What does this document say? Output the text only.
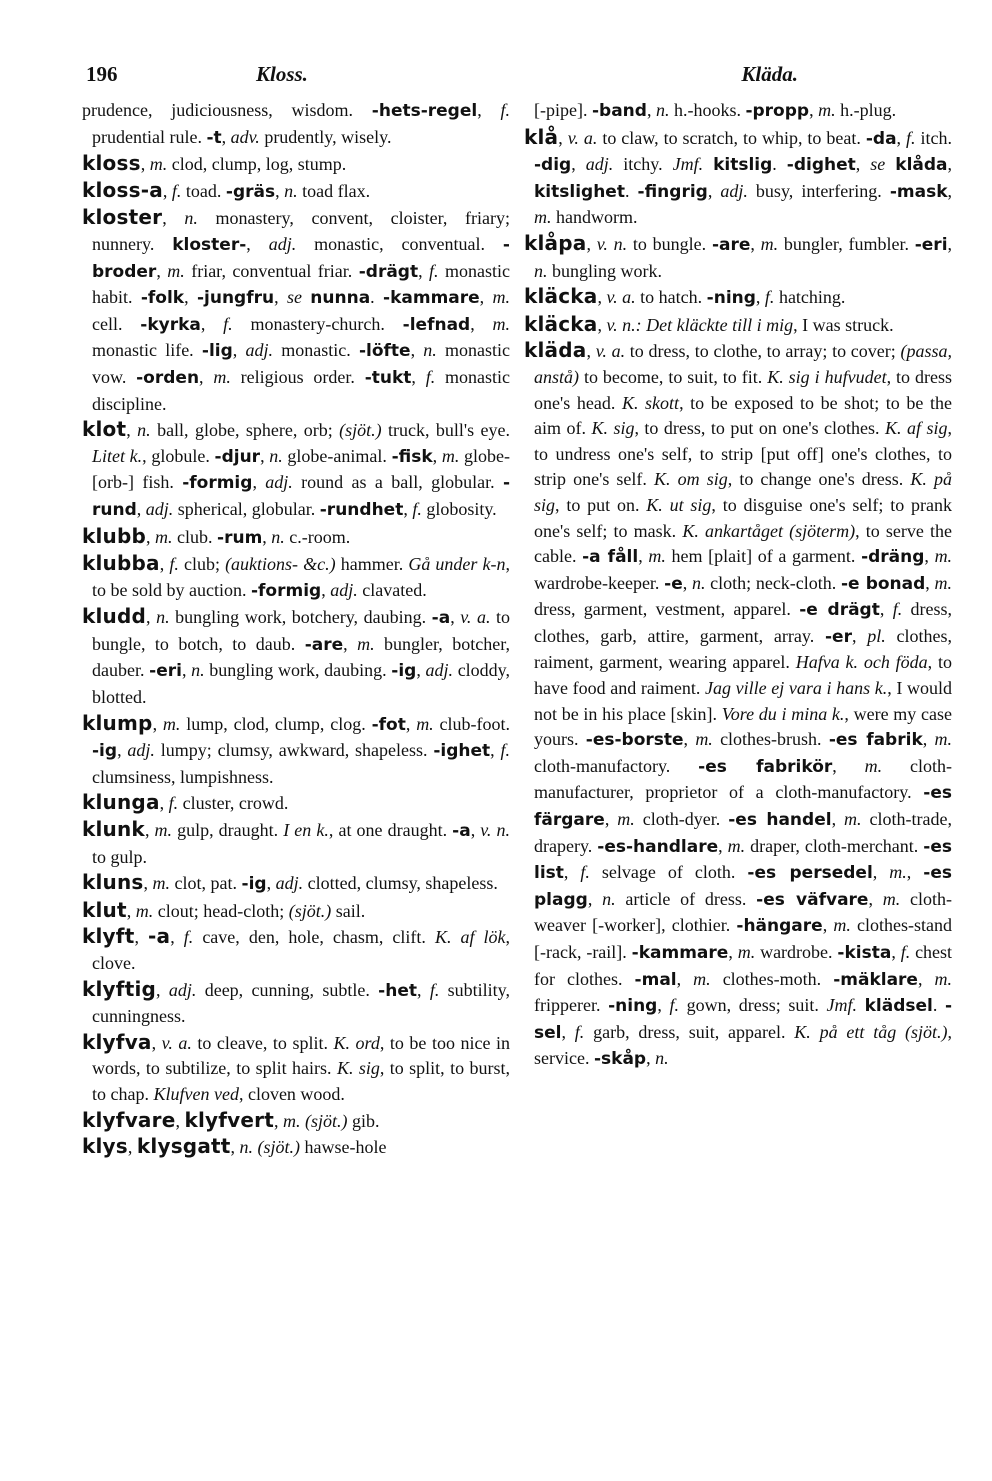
196	Kloss.	Kläda.

prudence, judiciousness, wisdom. -hets-regel, f. prudential rule. -t, adv. prudently, wisely.

kloss, m. clod, clump, log, stump.

kloss-a, f. toad. -gräs, n. toad flax.

kloster, n. monastery, convent, cloister, friary; nunnery. kloster-, adj. monastic, conventual. -broder, m. friar, conventual friar. -drägt, f. monastic habit. -folk, -jungfru, se nunna. -kammare, m. cell. -kyrka, f. monastery-church. -lefnad, m. monastic life. -lig, adj. monastic. -löfte, n. monastic vow. -orden, m. religious order. -tukt, f. monastic discipline.

klot, n. ball, globe, sphere, orb; (sjöt.) truck, bull's eye. Litet k., globule. -djur, n. globe-animal. -fisk, m. globe- [orb-] fish. -formig, adj. round as a ball, globular. -rund, adj. spherical, globular. -rundhet, f. globosity.

klubb, m. club. -rum, n. c.-room.

klubba, f. club; (auktions- &c.) hammer. Gå under k-n, to be sold by auction. -formig, adj. clavated.

kludd, n. bungling work, botchery, daubing. -a, v. a. to bungle, to botch, to daub. -are, m. bungler, botcher, dauber. -eri, n. bungling work, daubing. -ig, adj. cloddy, blotted.

klump, m. lump, clod, clump, clog. -fot, m. club-foot. -ig, adj. lumpy; clumsy, awkward, shapeless. -ighet, f. clumsiness, lumpishness.

klunga, f. cluster, crowd.

klunk, m. gulp, draught. I en k., at one draught. -a, v. n. to gulp.

kluns, m. clot, pat. -ig, adj. clotted, clumsy, shapeless.

klut, m. clout; head-cloth; (sjöt.) sail.

klyft, -a, f. cave, den, hole, chasm, clift. K. af lök, clove.

klyftig, adj. deep, cunning, subtle. -het, f. subtility, cunningness.

klyfva, v. a. to cleave, to split. K. ord, to be too nice in words, to subtilize, to split hairs. K. sig, to split, to burst, to chap. Klufven ved, cloven wood.

klyfvare, klyfvert, m. (sjöt.) gib.

klys, klysgatt, n. (sjöt.) hawse-hole

[-pipe]. -band, n. h.-hooks. -propp, m. h.-plug.

klå, v. a. to claw, to scratch, to whip, to beat. -da, f. itch. -dig, adj. itchy. Jmf. kitslig. -dighet, se klåda, kitslighet. -fingrig, adj. busy, interfering. -mask, m. handworm.

klåpa, v. n. to bungle. -are, m. bungler, fumbler. -eri, n. bungling work.

kläcka, v. a. to hatch. -ning, f. hatching.

kläcka, v. n.: Det kläckte till i mig, I was struck.

kläda, v. a. to dress, to clothe, to array; to cover; (passa, anstå) to become, to suit, to fit. K. sig i hufvudet, to dress one's head. K. skott, to be exposed to be shot; to be the aim of. K. sig, to dress, to put on one's clothes. K. af sig, to undress one's self, to strip [put off] one's clothes, to strip one's self. K. om sig, to change one's dress. K. på sig, to put on. K. ut sig, to disguise one's self; to prank one's self; to mask. K. ankartåget (sjöterm), to serve the cable. -a fåll, m. hem [plait] of a garment. -dräng, m. wardrobe-keeper. -e, n. cloth; neck-cloth. -e bonad, m. dress, garment, vestment, apparel. -e drägt, f. dress, clothes, garb, attire, garment, array. -er, pl. clothes, raiment, garment, wearing apparel. Hafva k. och föda, to have food and raiment. Jag ville ej vara i hans k., I would not be in his place [skin]. Vore du i mina k., were my case yours. -es-borste, m. clothes-brush. -es fabrik, m. cloth-manufactory. -es fabrikör, m. cloth-manufacturer, proprietor of a cloth-manufactory. -es färgare, m. cloth-dyer. -es handel, m. cloth-trade, drapery. -es-handlare, m. draper, cloth-merchant. -es list, f. selvage of cloth. -es persedel, m., -es plagg, n. article of dress. -es väfvare, m. cloth-weaver [-worker], clothier. -hängare, m. clothes-stand [-rack, -rail]. -kammare, m. wardrobe. -kista, f. chest for clothes. -mal, m. clothes-moth. -mäklare, m. fripperer. -ning, f. gown, dress; suit. Jmf. klädsel. -sel, f. garb, dress, suit, apparel. K. på ett tåg (sjöt.), service. -skåp, n.
